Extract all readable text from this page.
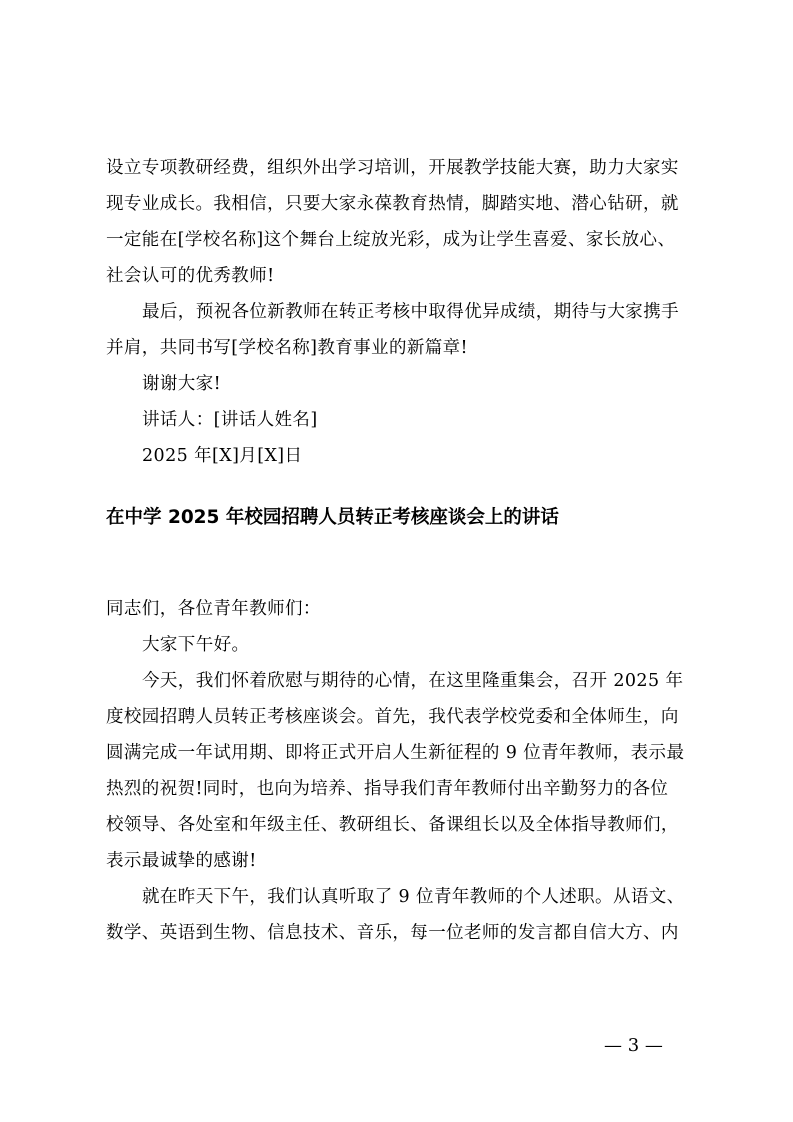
设立专项教研经费，组织外出学习培训，开展教学技能大赛，助力大家实

现专业成长。我相信，只要大家永葆教育热情，脚踏实地、潜心钻研，就

一定能在[学校名称]这个舞台上绽放光彩，成为让学生喜爱、家长放心、

社会认可的优秀教师!

最后，预祝各位新教师在转正考核中取得优异成绩，期待与大家携手

并肩，共同书写[学校名称]教育事业的新篇章!

谢谢大家!

讲话人：[讲话人姓名]

2025 年[X]月[X]日

在中学 2025 年校园招聘人员转正考核座谈会上的讲话

同志们，各位青年教师们：

大家下午好。

今天，我们怀着欣慰与期待的心情，在这里隆重集会，召开 2025 年

度校园招聘人员转正考核座谈会。首先，我代表学校党委和全体师生，向

圆满完成一年试用期、即将正式开启人生新征程的 9 位青年教师，表示最

热烈的祝贺!同时，也向为培养、指导我们青年教师付出辛勤努力的各位

校领导、各处室和年级主任、教研组长、备课组长以及全体指导教师们，

表示最诚挚的感谢!

就在昨天下午，我们认真听取了 9 位青年教师的个人述职。从语文、

数学、英语到生物、信息技术、音乐，每一位老师的发言都自信大方、内

— 3 —
